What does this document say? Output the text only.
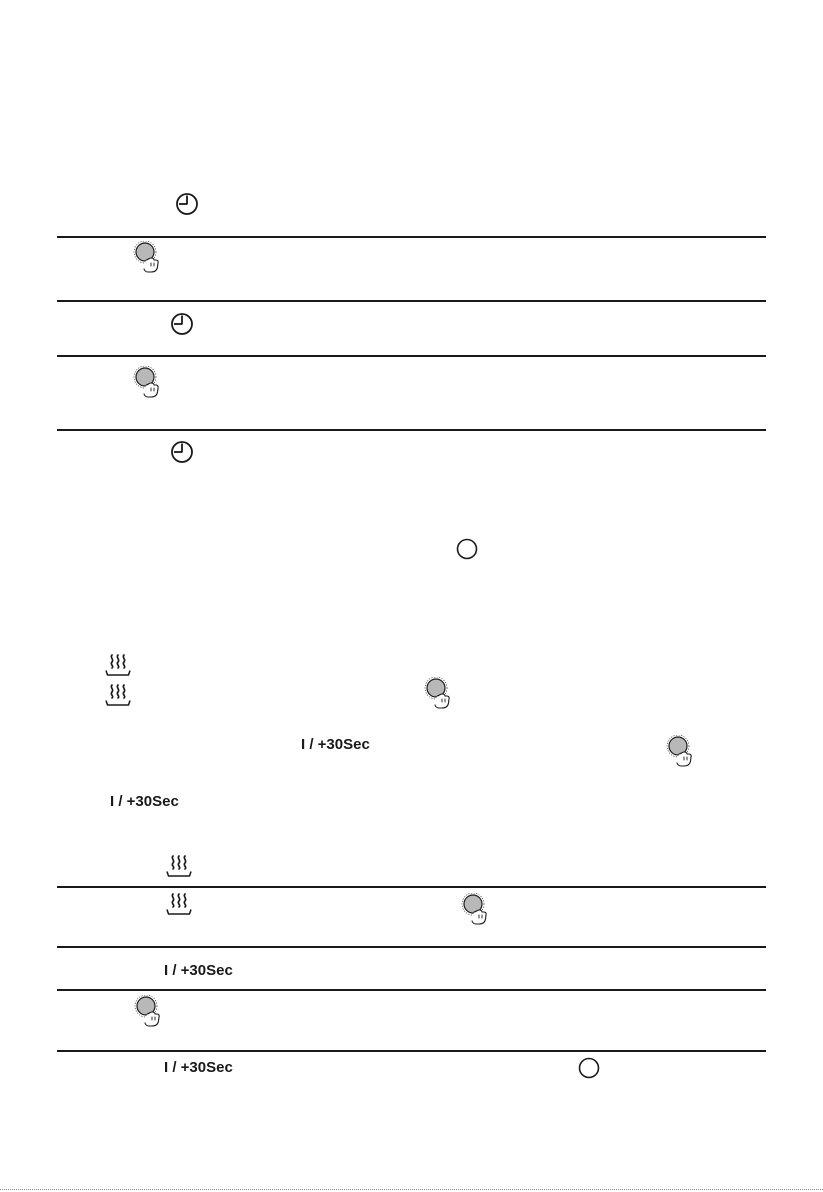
I / +30Sec
I / +30Sec
I / +30Sec
I / +30Sec
